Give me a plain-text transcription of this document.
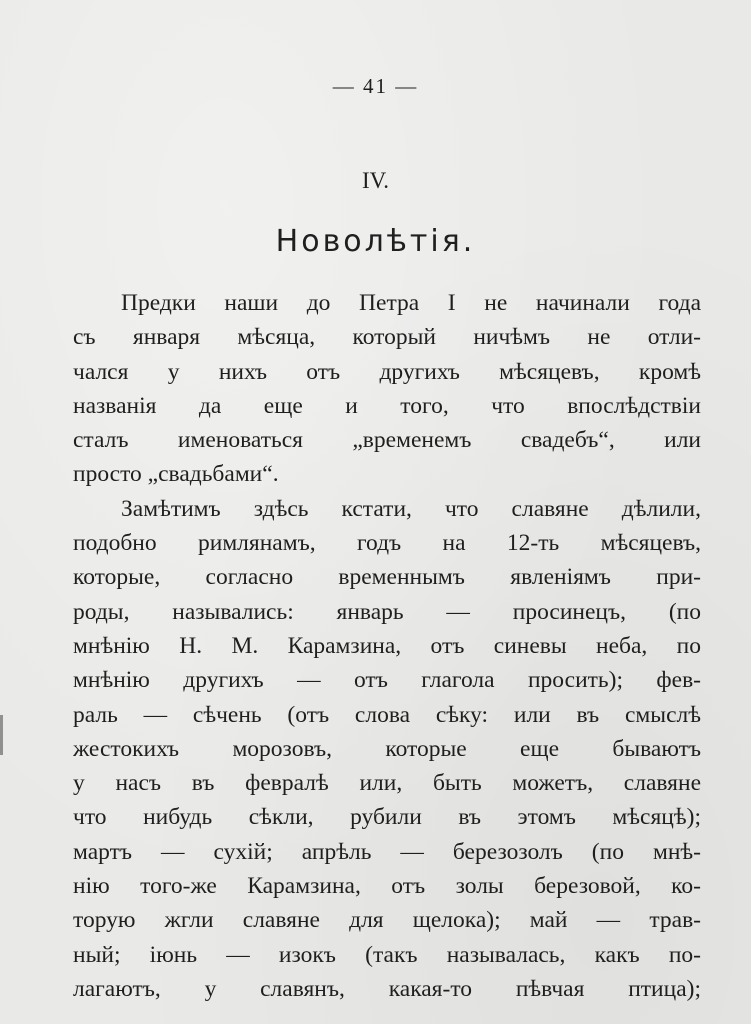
— 41 —
IV.
Новолѣтія.
Предки наши до Петра I не начинали года
съ января мѣсяца, который ничѣмъ не отли-
чался у нихъ отъ другихъ мѣсяцевъ, кромѣ
названія да еще и того, что впослѣдствіи
сталъ именоваться „временемъ свадебъ“, или
просто „свадьбами“.
Замѣтимъ здѣсь кстати, что славяне дѣлили,
подобно римлянамъ, годъ на 12-ть мѣсяцевъ,
которые, согласно временнымъ явленіямъ при-
роды, назывались: январь — просинецъ, (по
мнѣнію Н. М. Карамзина, отъ синевы неба, по
мнѣнію другихъ — отъ глагола просить); фев-
раль — сѣчень (отъ слова сѣку: или въ смыслѣ
жестокихъ морозовъ, которые еще бываютъ
у насъ въ февралѣ или, быть можетъ, славяне
что нибудь сѣкли, рубили въ этомъ мѣсяцѣ);
мартъ — сухій; апрѣль — березозолъ (по мнѣ-
нію того-же Карамзина, отъ золы березовой, ко-
торую жгли славяне для щелока); май — трав-
ный; іюнь — изокъ (такъ называлась, какъ по-
лагаютъ, у славянъ, какая-то пѣвчая птица);
